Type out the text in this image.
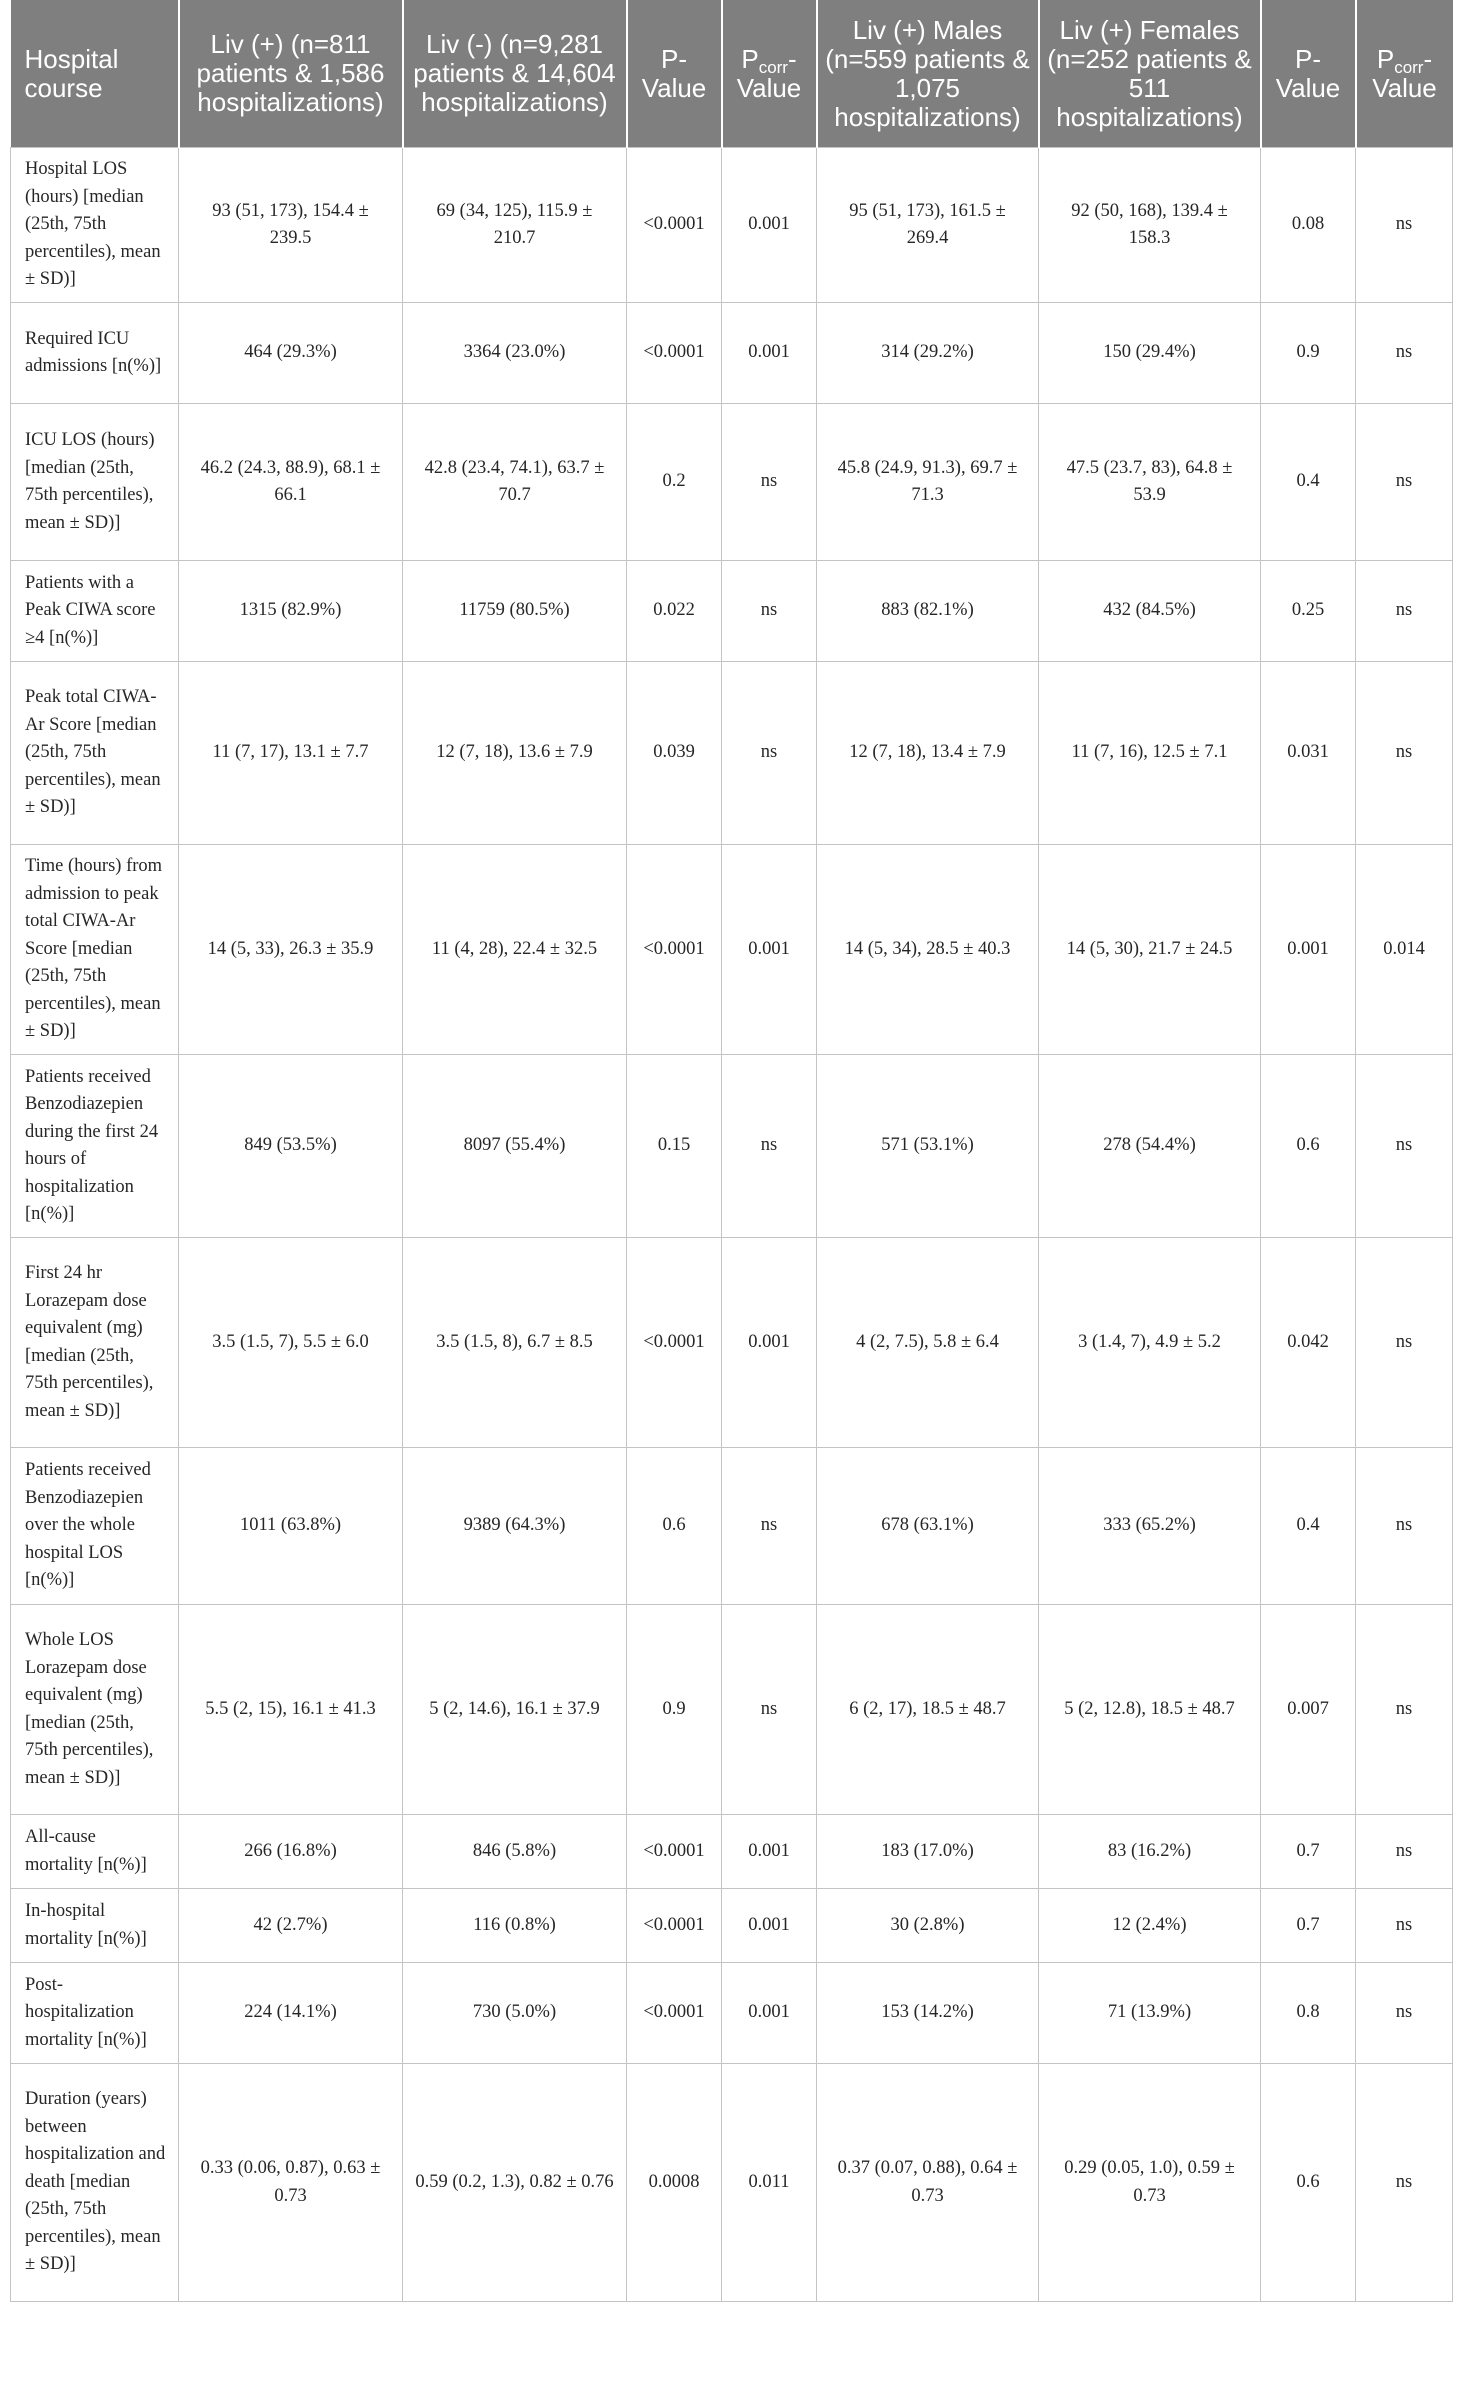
Hospital course	Liv (+) (n=811 patients & 1,586 hospitalizations)	Liv (-) (n=9,281 patients & 14,604 hospitalizations)	P-Value	$P_{corr}$-Value	Liv (+) Males (n=559 patients & 1,075 hospitalizations)	Liv (+) Females (n=252 patients & 511 hospitalizations)	P-Value	$P_{corr}$-Value
Hospital LOS (hours) [median (25th, 75th percentiles), mean ± SD)]	93 (51, 173), 154.4 ± 239.5	69 (34, 125), 115.9 ± 210.7	<0.0001	0.001	95 (51, 173), 161.5 ± 269.4	92 (50, 168), 139.4 ± 158.3	0.08	ns
Required ICU admissions [n(%)]	464 (29.3%)	3364 (23.0%)	<0.0001	0.001	314 (29.2%)	150 (29.4%)	0.9	ns
ICU LOS (hours) [median (25th, 75th percentiles), mean ± SD)]	46.2 (24.3, 88.9), 68.1 ± 66.1	42.8 (23.4, 74.1), 63.7 ± 70.7	0.2	ns	45.8 (24.9, 91.3), 69.7 ± 71.3	47.5 (23.7, 83), 64.8 ± 53.9	0.4	ns
Patients with a Peak CIWA score ≥4 [n(%)]	1315 (82.9%)	11759 (80.5%)	0.022	ns	883 (82.1%)	432 (84.5%)	0.25	ns
Peak total CIWA-Ar Score [median (25th, 75th percentiles), mean ± SD)]	11 (7, 17), 13.1 ± 7.7	12 (7, 18), 13.6 ± 7.9	0.039	ns	12 (7, 18), 13.4 ± 7.9	11 (7, 16), 12.5 ± 7.1	0.031	ns
Time (hours) from admission to peak total CIWA-Ar Score [median (25th, 75th percentiles), mean ± SD)]	14 (5, 33), 26.3 ± 35.9	11 (4, 28), 22.4 ± 32.5	<0.0001	0.001	14 (5, 34), 28.5 ± 40.3	14 (5, 30), 21.7 ± 24.5	0.001	0.014
Patients received Benzodiazepien during the first 24 hours of hospitalization [n(%)]	849 (53.5%)	8097 (55.4%)	0.15	ns	571 (53.1%)	278 (54.4%)	0.6	ns
First 24 hr Lorazepam dose equivalent (mg) [median (25th, 75th percentiles), mean ± SD)]	3.5 (1.5, 7), 5.5 ± 6.0	3.5 (1.5, 8), 6.7 ± 8.5	<0.0001	0.001	4 (2, 7.5), 5.8 ± 6.4	3 (1.4, 7), 4.9 ± 5.2	0.042	ns
Patients received Benzodiazepien over the whole hospital LOS [n(%)]	1011 (63.8%)	9389 (64.3%)	0.6	ns	678 (63.1%)	333 (65.2%)	0.4	ns
Whole LOS Lorazepam dose equivalent (mg) [median (25th, 75th percentiles), mean ± SD)]	5.5 (2, 15), 16.1 ± 41.3	5 (2, 14.6), 16.1 ± 37.9	0.9	ns	6 (2, 17), 18.5 ± 48.7	5 (2, 12.8), 18.5 ± 48.7	0.007	ns
All-cause mortality [n(%)]	266 (16.8%)	846 (5.8%)	<0.0001	0.001	183 (17.0%)	83 (16.2%)	0.7	ns
In-hospital mortality [n(%)]	42 (2.7%)	116 (0.8%)	<0.0001	0.001	30 (2.8%)	12 (2.4%)	0.7	ns
Post-hospitalization mortality [n(%)]	224 (14.1%)	730 (5.0%)	<0.0001	0.001	153 (14.2%)	71 (13.9%)	0.8	ns
Duration (years) between hospitalization and death [median (25th, 75th percentiles), mean ± SD)]	0.33 (0.06, 0.87), 0.63 ± 0.73	0.59 (0.2, 1.3), 0.82 ± 0.76	0.0008	0.011	0.37 (0.07, 0.88), 0.64 ± 0.73	0.29 (0.05, 1.0), 0.59 ± 0.73	0.6	ns
